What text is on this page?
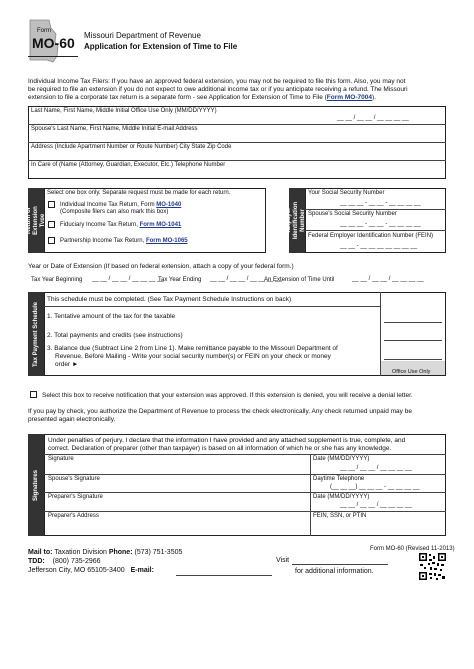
Form
MO-60 Missouri Department of Revenue
Application for Extension of Time to File
Individual Income Tax Filers: If you have an approved federal extension, you may not be required to file this form. Also, you may not
be required to file an extension if you do not expect to owe additional income tax or if you anticipate receiving a refund. The Missouri
extension to file a corporate tax return is a separate form - see Application for Extension of Time to File (Form MO-7004).
Last Name, First Name, Middle Initial Office Use Only (MM/DD/YYYY)
__ __ / __ __ / __ __ __ __
Spouse's Last Name, First Name, Middle Initial E-mail Address
Address (Include Apartment Number or Route Number) City State Zip Code
In Care of (Name (Attorney, Guardian, Executor, Etc.) Telephone Number
Return or Extension Type
Select one box only. Separate request must be made for each return.
Individual Income Tax Return, Form MO-1040
(Composite filers can also mark this box)
Fiduciary Income Tax Return, Form MO-1041
Partnership Income Tax Return, Form MO-1065
Taxpayer Identification Number
Your Social Security Number
__ __ __ - __ __ - __ __ __ __
Spouse's Social Security Number
__ __ __ - __ __ - __ __ __ __
Federal Employer Identification Number (FEIN)
__ __ - __ __ __ __ __ __ __
Year or Date of Extension (If based on federal extension, attach a copy of your federal form.)
Tax Year Beginning __ __ / __ __ / __ __ __ __
Tax Year Ending __ __ / __ __ / __ __ __ __
An Extension of Time Until	__ __ / __ __ / __ __ __ __
Tax Payment Schedule
This schedule must be completed. (See Tax Payment Schedule Instructions on back)
1. Tentative amount of the tax for the taxable
2. Total payments and credits (see instructions)
3. Balance due (Subtract Line 2 from Line 1). Make remittance payable to the Missouri Department of
Revenue. Before Mailing - Write your social security number(s) or FEIN on your check or money
order ►
Office Use Only
Select this box to receive notification that your extension was approved. If this extension is denied, you will receive a denial letter.
If you pay by check, you authorize the Department of Revenue to process the check electronically. Any check returned unpaid may be
presented again electronically.
Signatures
Under penalties of perjury, I declare that the information I have provided and any attached supplement is true, complete, and
correct. Declaration of preparer (other than taxpayer) is based on all information of which he or she has any knowledge.
Signature	Date (MM/DD/YYYY)
__ __ / __ __ / __ __ __ __
Spouse's Signature	Daytime Telephone
(__ __ __) __ __ __ - __ __ __ __
Preparer's Signature	Date (MM/DD/YYYY)
__ __ / __ __ / __ __ __ __
Preparer's Address	FEIN, SSN, or PTIN
Mail to: Taxation Division Phone: (573) 751-3505
TDD: (800) 735-2966
Jefferson City, MO 65105-3400 E-mail:
Visit
for additional information.
Form MO-60 (Revised 11-2013)
